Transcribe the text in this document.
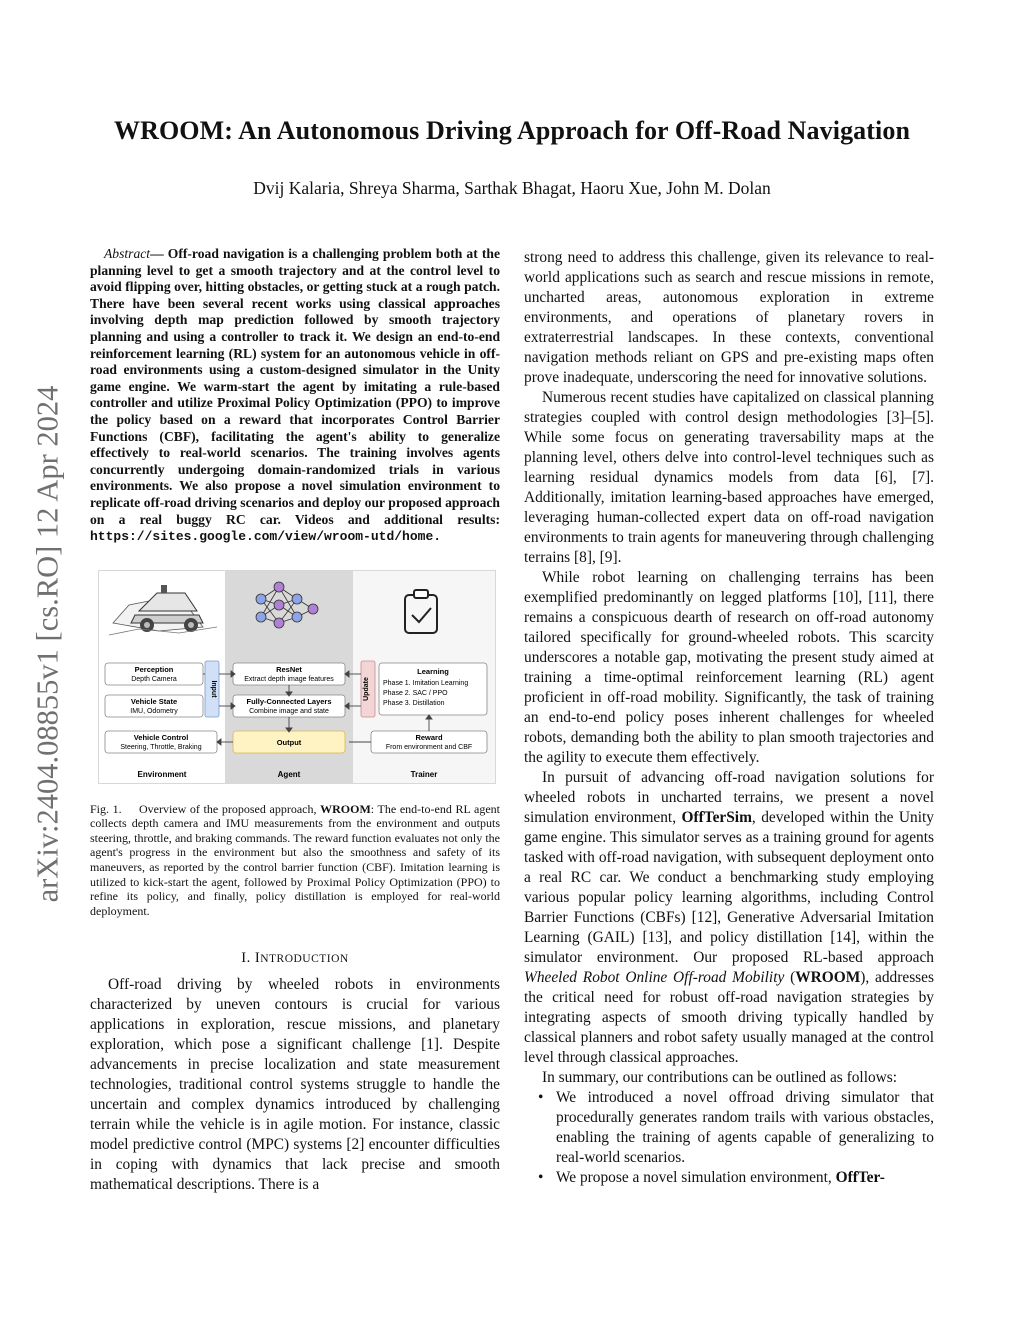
arXiv:2404.08855v1 [cs.RO] 12 Apr 2024
WROOM: An Autonomous Driving Approach for Off-Road Navigation
Dvij Kalaria, Shreya Sharma, Sarthak Bhagat, Haoru Xue, John M. Dolan

Abstract— Off-road navigation is a challenging problem both at the planning level to get a smooth trajectory and at the control level to avoid flipping over, hitting obstacles, or getting stuck at a rough patch. There have been several recent works using classical approaches involving depth map prediction followed by smooth trajectory planning and using a controller to track it. We design an end-to-end reinforcement learning (RL) system for an autonomous vehicle in off-road environments using a custom-designed simulator in the Unity game engine. We warm-start the agent by imitating a rule-based controller and utilize Proximal Policy Optimization (PPO) to improve the policy based on a reward that incorporates Control Barrier Functions (CBF), facilitating the agent's ability to generalize effectively to real-world scenarios. The training involves agents concurrently undergoing domain-randomized trials in various environments. We also propose a novel simulation environment to replicate off-road driving scenarios and deploy our proposed approach on a real buggy RC car. Videos and additional results: https://sites.google.com/view/wroom-utd/home.

Perception
Depth Camera
Vehicle State
IMU, Odometry
Vehicle Control
Steering, Throttle, Braking
Input
ResNet
Extract depth image features
Fully-Connected Layers
Combine image and state
Output
Update
Learning
Phase 1. Imitation Learning
Phase 2. SAC / PPO
Phase 3. Distillation
Reward
From environment and CBF
Environment	Agent	Trainer
Fig. 1. Overview of the proposed approach, WROOM: The end-to-end RL agent collects depth camera and IMU measurements from the environment and outputs steering, throttle, and braking commands. The reward function evaluates not only the agent's progress in the environment but also the smoothness and safety of its maneuvers, as reported by the control barrier function (CBF). Imitation learning is utilized to kick-start the agent, followed by Proximal Policy Optimization (PPO) to refine its policy, and finally, policy distillation is employed for real-world deployment.
I. INTRODUCTION

Off-road driving by wheeled robots in environments characterized by uneven contours is crucial for various applications in exploration, rescue missions, and planetary exploration, which pose a significant challenge [1]. Despite advancements in precise localization and state measurement technologies, traditional control systems struggle to handle the uncertain and complex dynamics introduced by challenging terrain while the vehicle is in agile motion. For instance, classic model predictive control (MPC) systems [2] encounter difficulties in coping with dynamics that lack precise and smooth mathematical descriptions. There is a

strong need to address this challenge, given its relevance to real-world applications such as search and rescue missions in remote, uncharted areas, autonomous exploration in extreme environments, and operations of planetary rovers in extraterrestrial landscapes. In these contexts, conventional navigation methods reliant on GPS and pre-existing maps often prove inadequate, underscoring the need for innovative solutions.

Numerous recent studies have capitalized on classical planning strategies coupled with control design methodologies [3]–[5]. While some focus on generating traversability maps at the planning level, others delve into control-level techniques such as learning residual dynamics models from data [6], [7]. Additionally, imitation learning-based approaches have emerged, leveraging human-collected expert data on off-road navigation environments to train agents for maneuvering through challenging terrains [8], [9].

While robot learning on challenging terrains has been exemplified predominantly on legged platforms [10], [11], there remains a conspicuous dearth of research on off-road autonomy tailored specifically for ground-wheeled robots. This scarcity underscores a notable gap, motivating the present study aimed at training a time-optimal reinforcement learning (RL) agent proficient in off-road mobility. Significantly, the task of training an end-to-end policy poses inherent challenges for wheeled robots, demanding both the ability to plan smooth trajectories and the agility to execute them effectively.

In pursuit of advancing off-road navigation solutions for wheeled robots in uncharted terrains, we present a novel simulation environment, OffTerSim, developed within the Unity game engine. This simulator serves as a training ground for agents tasked with off-road navigation, with subsequent deployment onto a real RC car. We conduct a benchmarking study employing various popular policy learning algorithms, including Control Barrier Functions (CBFs) [12], Generative Adversarial Imitation Learning (GAIL) [13], and policy distillation [14], within the simulator environment. Our proposed RL-based approach Wheeled Robot Online Off-road Mobility (WROOM), addresses the critical need for robust off-road navigation strategies by integrating aspects of smooth driving typically handled by classical planners and robot safety usually managed at the control level through classical approaches.

In summary, our contributions can be outlined as follows:

• We introduced a novel offroad driving simulator that procedurally generates random trails with various obstacles, enabling the training of agents capable of generalizing to real-world scenarios.
• We propose a novel simulation environment, OffTer-
